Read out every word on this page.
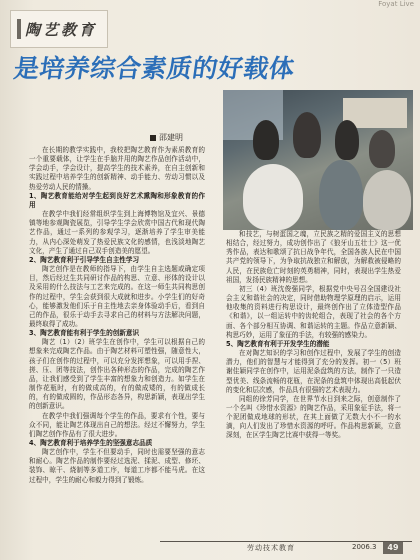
Foyat Live
陶艺教育
是培养综合素质的好载体
邵建明

在长期的教学实践中，我校把陶艺教育作为素质教育的一个重要载体，让学生在手脑并用的陶艺作品创作活动中，学会动手，学会设计，提高学生的技术素养，在自主创新和实践过程中培养学生的创新精神、动手能力、劳动习惯以及热爱劳动人民的情操。

1、陶艺教育能给对学生起到良好艺术熏陶和形象教育的作用

在教学中我们经常组织学生到上海博物馆及宜兴、景德镇等地参观陶瓷展览，引导学生学会欣赏中国古代和现代陶艺作品，通过一系列的参观学习，逐渐培养了学生审美能力，从内心深处萌发了热爱民族文化的感情，也浅淡地陶艺文化，产生了通过自己双手创造美的愿望。

2、陶艺教育利于引导学生自主性学习

陶艺创作是在教师的指导下，由学生自主选题或确定项目，然后经过生共同研讨作品的构思、立意、形体的设计以及采用的什么技法与工艺来完成的。在这一师生共同构思创作的过程中，学生会获到很大成就和进步。小学生们的好奇心，能够激发他们乐于自主性地去亲身体验动手后，看到自己的作品，很乐于动手去寻求自己的材料与方法解决问题，最终取得了成功。

3、陶艺教育能有利于学生的创新意识

陶艺（1）（2）班学生在创作中，学生可以根据自己的想象来完成陶艺作品。由于陶艺材料可塑性强，随意性大，孩子们在创作的过程中，可以充分发挥想象，可以用手捏、搓、压、团等技法，创作出各种形态的作品，完成的陶艺作品，让我们感受到了学生丰富的想象力和创造力。如学生在制作花瓶时，有的做成高的，有的做成矮的，有的做成长的，有的做成圆的，作品形态各异，构思新颖，表现出学生的创新意识。

在教学中我们强调每个学生的作品，要求有个性，要与众不同，能让陶艺体现出自己的想法。经过不懈努力，学生们陶艺创作作品有了很大进步。

4、陶艺教育利于培养学生的坚强意志品质

陶艺创作中，学生不但要动手，同时也需要坚强的意志和耐心。陶艺作品的制作要经过选泥、揉泥、成型、修坯、装饰、晾干、烧制等多道工序，每道工序都不能马虎。在这过程中，学生的耐心和毅力得到了锻炼。

和技艺，与树蛋国之魂，立民族之精的爱国主义的思想相结合，经过努力，成功创作出了《狼牙山五壮士》这一优秀作品，表达和歌颂了抗日战争年代，全国各族人民在中国共产党的领导下，为争取抗战独立和解放，为解救被侵略的人民，在民族危亡时刻的英勇精神，同时，表现出学生热爱祖国，发扬民族精神的思想。

初三（4）班沈俊强同学，根据党中央号召全国建设社会主义和谐社会的决定，同时借助物理学原理的启示，运用他收集的资料进行构思设计，最终创作出了立体造型作品《和谐》，以一组运转中的齿轮组合，表现了社会的各个方面、各个部分相互协调、和谐运转的主题。作品立意新颖、构思巧妙，运用了象征的手法，有较强的感染力。

5、陶艺教育有利于开发学生的潜能

在对陶艺知识的学习和创作过程中，发展了学生的创造潜力，他们的智慧与才能得到了充分的发挥。初一（5）班谢佳颖同学在创作中，运用泥条盘筑的方法，制作了一只造型优美、线条流畅的花瓶，在泥条的盘筑中体现出高低起伏的变化和层次感，作品具有很强的艺术表现力。

同组的徐芳同学，在世界节水日到来之际，创意制作了一个名叫《珍惜水资源》的陶艺作品，采用象征手法，将一个泥团做成地球的形状，在其上面做了无数大小不一的水滴，向人们发出了珍惜水资源的呼吁。作品构思新颖，立意深刻，在区学生陶艺比赛中获得一等奖。

劳动技术教育	2006.3	49
